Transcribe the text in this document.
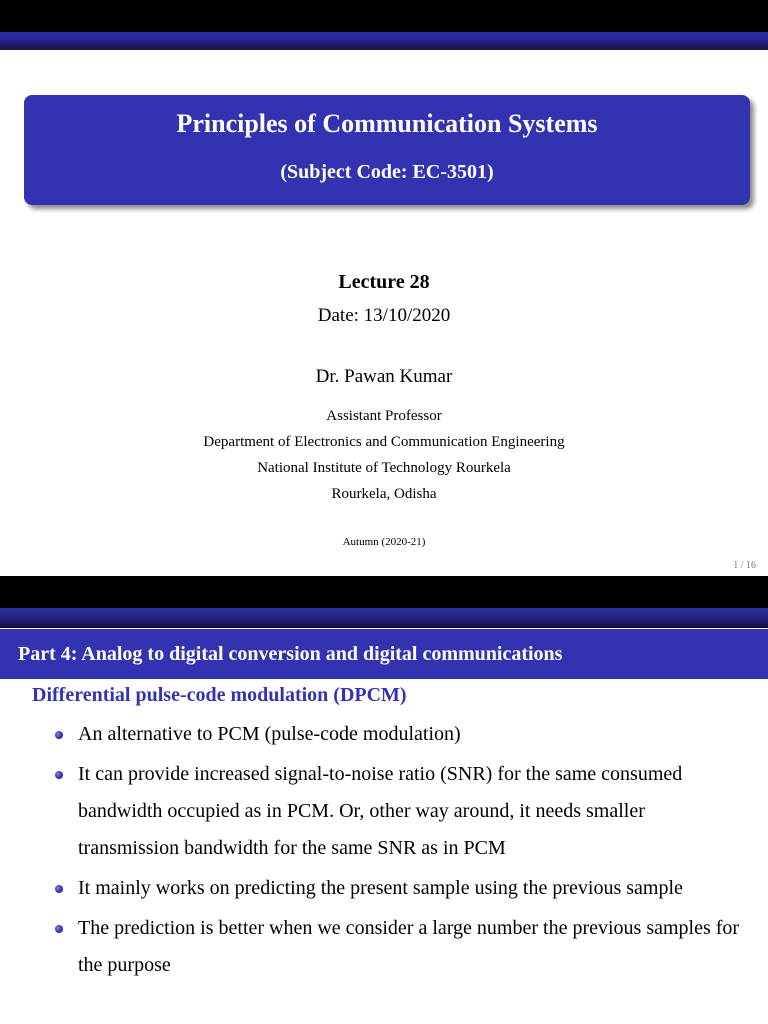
Principles of Communication Systems
(Subject Code: EC-3501)
Lecture 28
Date: 13/10/2020
Dr. Pawan Kumar
Assistant Professor
Department of Electronics and Communication Engineering
National Institute of Technology Rourkela
Rourkela, Odisha
Autumn (2020-21)
1 / 16
Part 4: Analog to digital conversion and digital communications
Differential pulse-code modulation (DPCM)
An alternative to PCM (pulse-code modulation)
It can provide increased signal-to-noise ratio (SNR) for the same consumed bandwidth occupied as in PCM. Or, other way around, it needs smaller transmission bandwidth for the same SNR as in PCM
It mainly works on predicting the present sample using the previous sample
The prediction is better when we consider a large number the previous samples for the purpose
